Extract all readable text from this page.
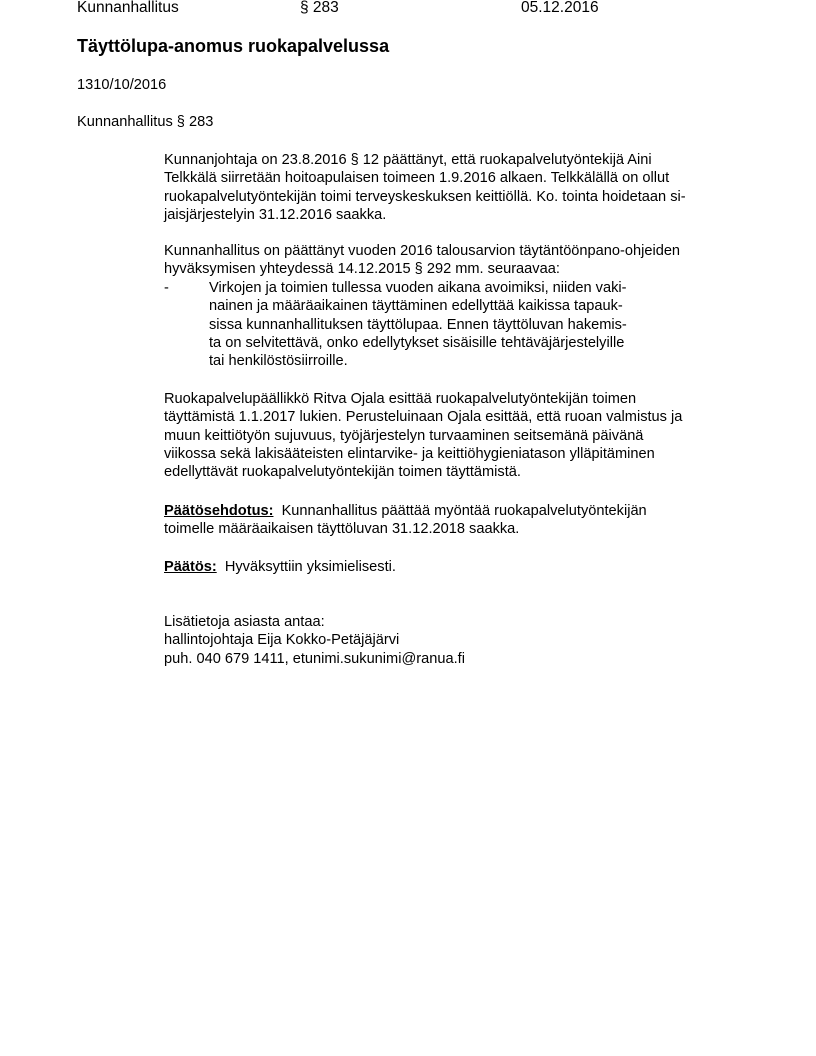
Kunnanhallitus	§ 283	05.12.2016
Täyttölupa-anomus ruokapalvelussa
1310/10/2016
Kunnanhallitus § 283
Kunnanjohtaja on 23.8.2016 § 12 päättänyt, että ruokapalvelutyöntekijä Aini
Telkkälä siirretään hoitoapulaisen toimeen 1.9.2016 alkaen. Telkkälällä on ollut
ruokapalvelutyöntekijän toimi terveyskeskuksen keittiöllä. Ko. tointa hoidetaan si-
jaisjärjestelyin 31.12.2016 saakka.
Kunnanhallitus on päättänyt vuoden 2016 talousarvion täytäntöönpano-ohjeiden
hyväksymisen yhteydessä 14.12.2015 § 292 mm. seuraavaa:
-	Virkojen ja toimien tullessa vuoden aikana avoimiksi, niiden vaki-
nainen ja määräaikainen täyttäminen edellyttää kaikissa tapauk-
sissa kunnanhallituksen täyttölupaa. Ennen täyttöluvan hakemis-
ta on selvitettävä, onko edellytykset sisäisille tehtäväjärjestelyille
tai henkilöstösiirroille.
Ruokapalvelupäällikkö Ritva Ojala esittää ruokapalvelutyöntekijän toimen
täyttämistä 1.1.2017 lukien. Perusteluinaan Ojala esittää, että ruoan valmistus ja
muun keittiötyön sujuvuus, työjärjestelyn turvaaminen seitsemänä päivänä
viikossa sekä lakisääteisten elintarvike- ja keittiöhygieniatason ylläpitäminen
edellyttävät ruokapalvelutyöntekijän toimen täyttämistä.
Päätösehdotus: Kunnanhallitus päättää myöntää ruokapalvelutyöntekijän
toimelle määräaikaisen täyttöluvan 31.12.2018 saakka.
Päätös: Hyväksyttiin yksimielisesti.
Lisätietoja asiasta antaa:
hallintojohtaja Eija Kokko-Petäjäjärvi
puh. 040 679 1411, etunimi.sukunimi@ranua.fi
